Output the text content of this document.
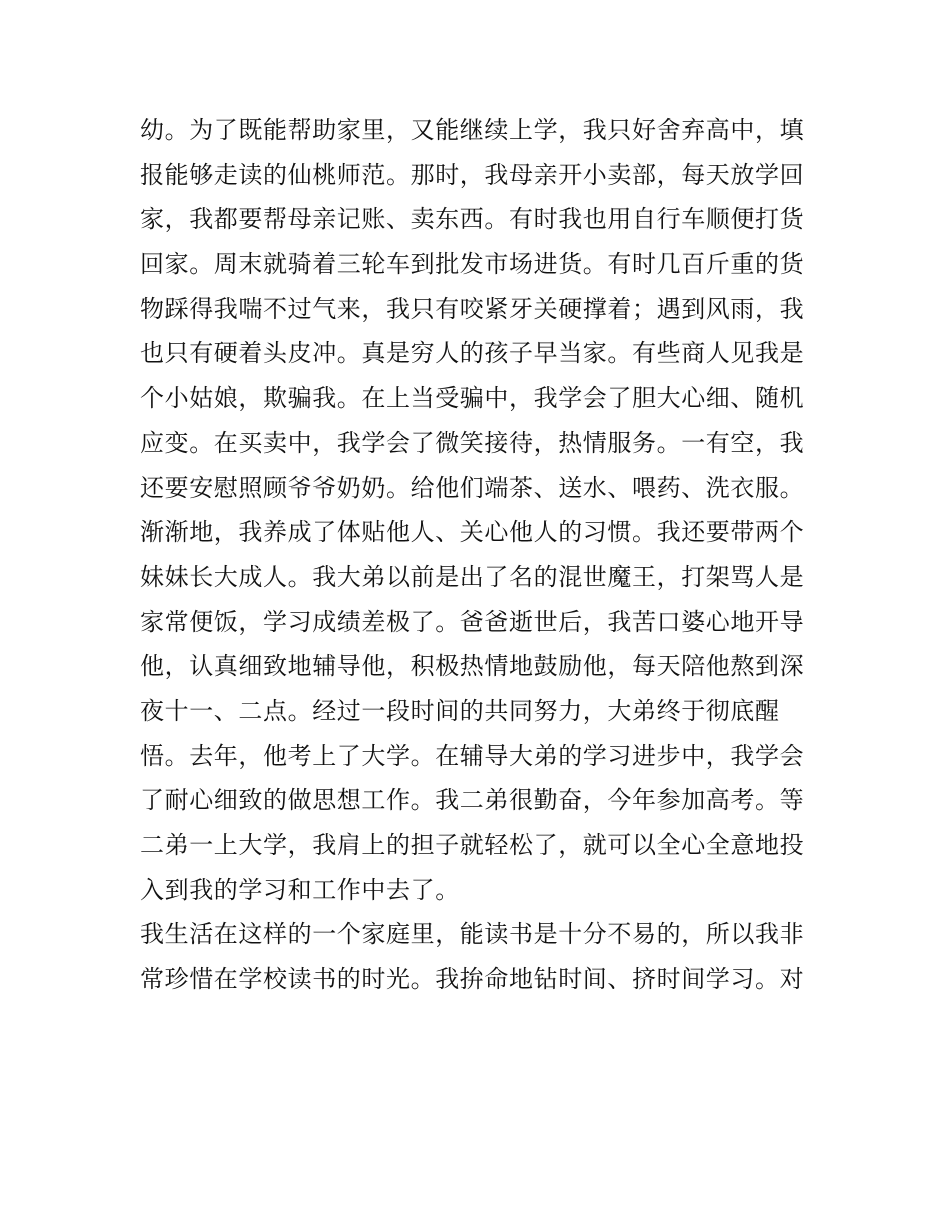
幼。为了既能帮助家里，又能继续上学，我只好舍弃高中，填
报能够走读的仙桃师范。那时，我母亲开小卖部，每天放学回
家，我都要帮母亲记账、卖东西。有时我也用自行车顺便打货
回家。周末就骑着三轮车到批发市场进货。有时几百斤重的货
物踩得我喘不过气来，我只有咬紧牙关硬撑着；遇到风雨，我
也只有硬着头皮冲。真是穷人的孩子早当家。有些商人见我是
个小姑娘，欺骗我。在上当受骗中，我学会了胆大心细、随机
应变。在买卖中，我学会了微笑接待，热情服务。一有空，我
还要安慰照顾爷爷奶奶。给他们端茶、送水、喂药、洗衣服。
渐渐地，我养成了体贴他人、关心他人的习惯。我还要带两个
妹妹长大成人。我大弟以前是出了名的混世魔王，打架骂人是
家常便饭，学习成绩差极了。爸爸逝世后，我苦口婆心地开导
他，认真细致地辅导他，积极热情地鼓励他，每天陪他熬到深
夜十一、二点。经过一段时间的共同努力，大弟终于彻底醒
悟。去年，他考上了大学。在辅导大弟的学习进步中，我学会
了耐心细致的做思想工作。我二弟很勤奋，今年参加高考。等
二弟一上大学，我肩上的担子就轻松了，就可以全心全意地投
入到我的学习和工作中去了。
我生活在这样的一个家庭里，能读书是十分不易的，所以我非
常珍惜在学校读书的时光。我拚命地钻时间、挤时间学习。对
